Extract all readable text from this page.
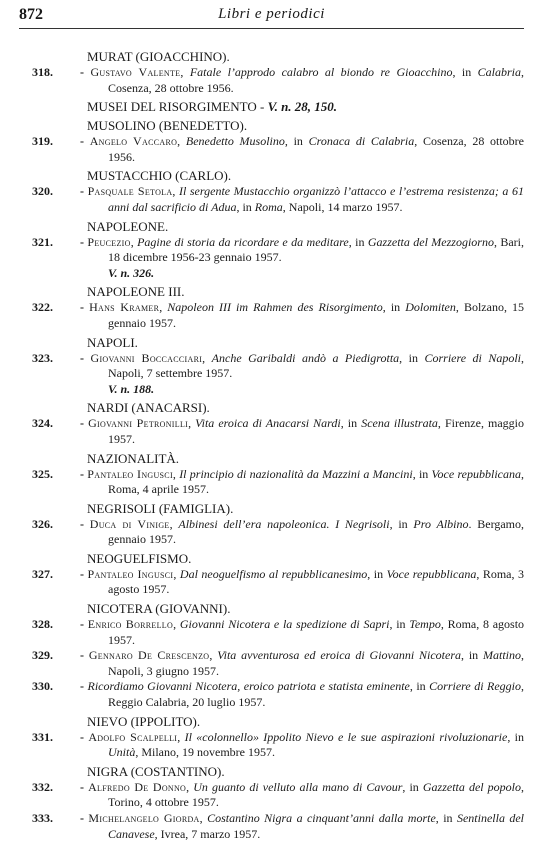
872	Libri e periodici
MURAT (GIOACCHINO).
318. - Gustavo Valente, Fatale l’approdo calabro al biondo re Gioacchino, in Calabria, Cosenza, 28 ottobre 1956.
MUSEI DEL RISORGIMENTO - V. n. 28, 150.
MUSOLINO (BENEDETTO).
319. - Angelo Vaccaro, Benedetto Musolino, in Cronaca di Calabria, Cosenza, 28 ottobre 1956.
MUSTACCHIO (CARLO).
320. - Pasquale Setola, Il sergente Mustacchio organizzò l’attacco e l’estrema resistenza; a 61 anni dal sacrificio di Adua, in Roma, Napoli, 14 marzo 1957.
NAPOLEONE.
321. - Peucezio, Pagine di storia da ricordare e da meditare, in Gazzetta del Mezzogiorno, Bari, 18 dicembre 1956-23 gennaio 1957.
V. n. 326.
NAPOLEONE III.
322. - Hans Kramer, Napoleon III im Rahmen des Risorgimento, in Dolomiten, Bolzano, 15 gennaio 1957.
NAPOLI.
323. - Giovanni Boccacciari, Anche Garibaldi andò a Piedigrotta, in Corriere di Napoli, Napoli, 7 settembre 1957.
V. n. 188.
NARDI (ANACARSI).
324. - Giovanni Petronilli, Vita eroica di Anacarsi Nardi, in Scena illustrata, Firenze, maggio 1957.
NAZIONALITÀ.
325. - Pantaleo Ingusci, Il principio di nazionalità da Mazzini a Mancini, in Voce repubblicana, Roma, 4 aprile 1957.
NEGRISOLI (FAMIGLIA).
326. - Duca di Vinige, Albinesi dell’era napoleonica. I Negrisoli, in Pro Albino. Bergamo, gennaio 1957.
NEOGUELFISMO.
327. - Pantaleo Ingusci, Dal neoguelfismo al repubblicanesimo, in Voce repubblicana, Roma, 3 agosto 1957.
NICOTERA (GIOVANNI).
328. - Enrico Borrello, Giovanni Nicotera e la spedizione di Sapri, in Tempo, Roma, 8 agosto 1957.
329. - Gennaro De Crescenzo, Vita avventurosa ed eroica di Giovanni Nicotera, in Mattino, Napoli, 3 giugno 1957.
330. - Ricordiamo Giovanni Nicotera, eroico patriota e statista eminente, in Corriere di Reggio, Reggio Calabria, 20 luglio 1957.
NIEVO (IPPOLITO).
331. - Adolfo Scalpelli, Il «colonnello» Ippolito Nievo e le sue aspirazioni rivoluzionarie, in Unità, Milano, 19 novembre 1957.
NIGRA (COSTANTINO).
332. - Alfredo De Donno, Un guanto di velluto alla mano di Cavour, in Gazzetta del popolo, Torino, 4 ottobre 1957.
333. - Michelangelo Giorda, Costantino Nigra a cinquant’anni dalla morte, in Sentinella del Canavese, Ivrea, 7 marzo 1957.
